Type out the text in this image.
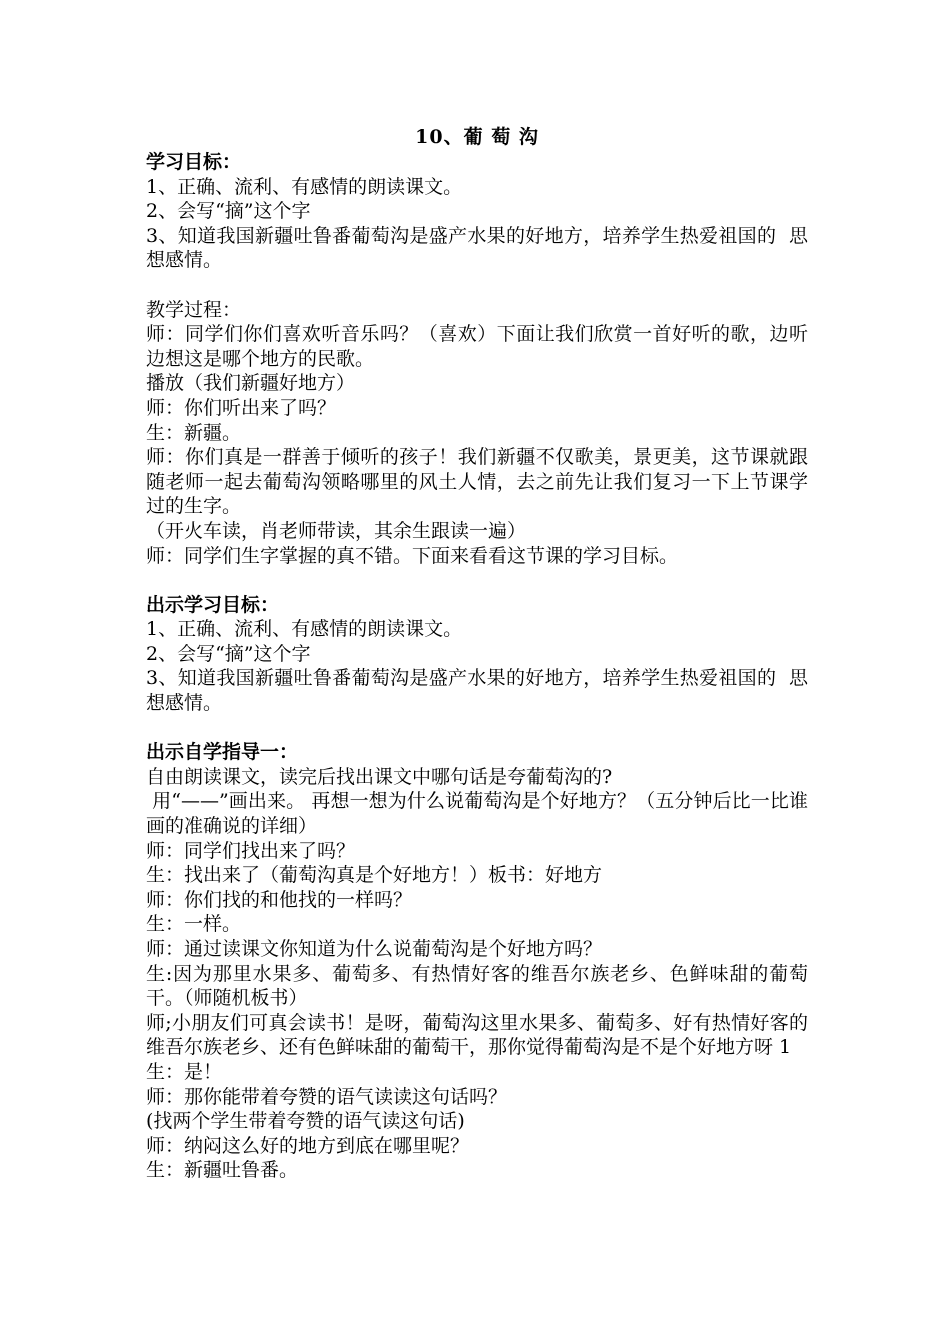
10、葡 萄 沟

学习目标：

1、正确、流利、有感情的朗读课文。

2、会写“摘”这个字

3、知道我国新疆吐鲁番葡萄沟是盛产水果的好地方，培养学生热爱祖国的  思想感情。

教学过程：

师：同学们你们喜欢听音乐吗？（喜欢）下面让我们欣赏一首好听的歌，边听边想这是哪个地方的民歌。

播放（我们新疆好地方）

师：你们听出来了吗？

生：新疆。

师：你们真是一群善于倾听的孩子！我们新疆不仅歌美，景更美，这节课就跟随老师一起去葡萄沟领略哪里的风土人情，去之前先让我们复习一下上节课学过的生字。

（开火车读，肖老师带读，其余生跟读一遍）

师：同学们生字掌握的真不错。下面来看看这节课的学习目标。

出示学习目标：

1、正确、流利、有感情的朗读课文。

2、会写“摘”这个字

3、知道我国新疆吐鲁番葡萄沟是盛产水果的好地方，培养学生热爱祖国的  思想感情。

出示自学指导一：

自由朗读课文，读完后找出课文中哪句话是夸葡萄沟的?

用“——”画出来。 再想一想为什么说葡萄沟是个好地方？（五分钟后比一比谁画的准确说的详细）

师：同学们找出来了吗？

生：找出来了（葡萄沟真是个好地方！）板书：好地方

师：你们找的和他找的一样吗？

生：一样。

师：通过读课文你知道为什么说葡萄沟是个好地方吗？

生:因为那里水果多、葡萄多、有热情好客的维吾尔族老乡、色鲜味甜的葡萄干。（师随机板书）

师;小朋友们可真会读书！是呀，葡萄沟这里水果多、葡萄多、好有热情好客的维吾尔族老乡、还有色鲜味甜的葡萄干，那你觉得葡萄沟是不是个好地方呀 1

生：是！

师：那你能带着夸赞的语气读读这句话吗？

(找两个学生带着夸赞的语气读这句话)

师：纳闷这么好的地方到底在哪里呢？

生：新疆吐鲁番。
